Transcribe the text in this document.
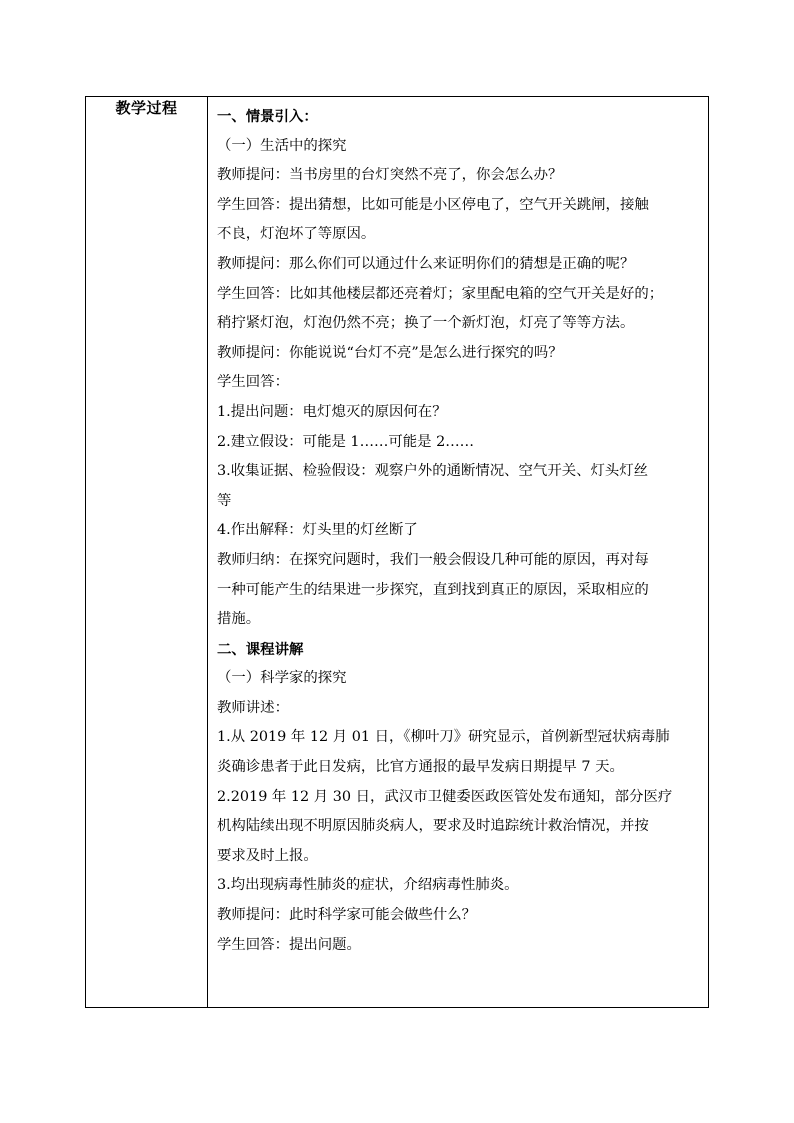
教学过程	一、情景引入：
（一）生活中的探究
教师提问：当书房里的台灯突然不亮了，你会怎么办？
学生回答：提出猜想，比如可能是小区停电了，空气开关跳闸，接触
不良，灯泡坏了等原因。
教师提问：那么你们可以通过什么来证明你们的猜想是正确的呢？
学生回答：比如其他楼层都还亮着灯；家里配电箱的空气开关是好的；
稍拧紧灯泡，灯泡仍然不亮；换了一个新灯泡，灯亮了等等方法。
教师提问：你能说说“台灯不亮”是怎么进行探究的吗？
学生回答：
1.提出问题：电灯熄灭的原因何在？
2.建立假设：可能是 1……可能是 2……
3.收集证据、检验假设：观察户外的通断情况、空气开关、灯头灯丝
等
4.作出解释：灯头里的灯丝断了
教师归纳：在探究问题时，我们一般会假设几种可能的原因，再对每
一种可能产生的结果进一步探究，直到找到真正的原因，采取相应的
措施。
二、课程讲解
（一）科学家的探究
教师讲述：
1.从 2019 年 12 月 01 日，《柳叶刀》研究显示，首例新型冠状病毒肺
炎确诊患者于此日发病，比官方通报的最早发病日期提早 7 天。
2.2019 年 12 月 30 日，武汉市卫健委医政医管处发布通知，部分医疗
机构陆续出现不明原因肺炎病人，要求及时追踪统计救治情况，并按
要求及时上报。
3.均出现病毒性肺炎的症状，介绍病毒性肺炎。
教师提问：此时科学家可能会做些什么？
学生回答：提出问题。
